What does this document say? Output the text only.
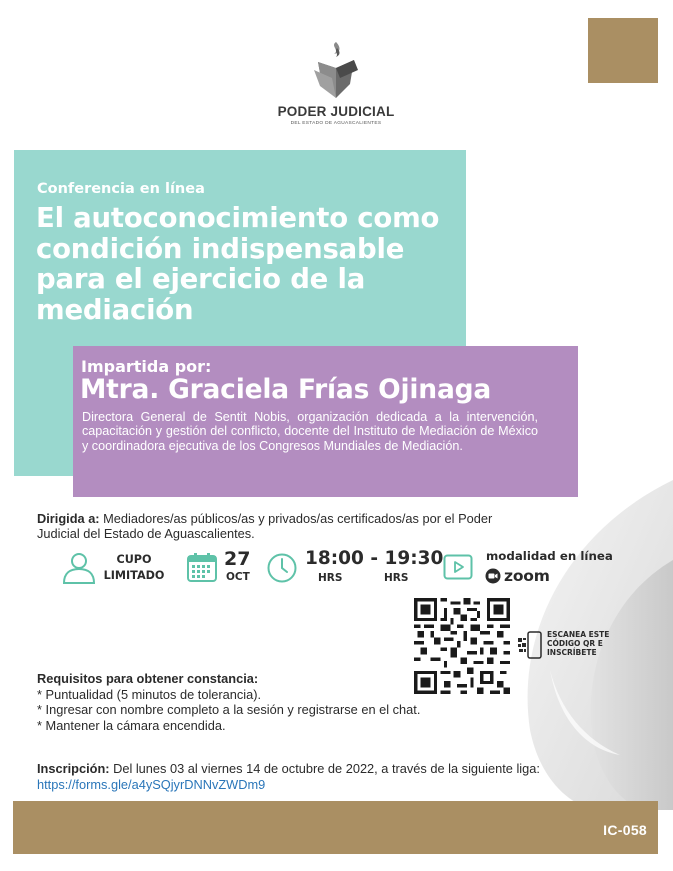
PODER JUDICIAL
DEL ESTADO DE AGUASCALIENTES
Conferencia en línea
El autoconocimiento como condición indispensable para el ejercicio de la mediación
Impartida por:
Mtra. Graciela Frías Ojinaga
Directora General de Sentit Nobis, organización dedicada a la intervención, capacitación y gestión del conflicto, docente del Instituto de Mediación de México y coordinadora ejecutiva de los Congresos Mundiales de Mediación.
Dirigida a: Mediadores/as públicos/as y privados/as certificados/as por el Poder Judicial del Estado de Aguascalientes.
CUPO
LIMITADO
27
OCT
18:00 - 19:30
HRS	HRS
modalidad en línea
zoom
ESCANEA ESTE CÓDIGO QR E INSCRÍBETE
Requisitos para obtener constancia:
* Puntualidad (5 minutos de tolerancia).
* Ingresar con nombre completo a la sesión y registrarse en el chat.
* Mantener la cámara encendida.
Inscripción: Del lunes 03 al viernes 14 de octubre de 2022, a través de la siguiente liga:
https://forms.gle/a4ySQjyrDNNvZWDm9
IC-058
